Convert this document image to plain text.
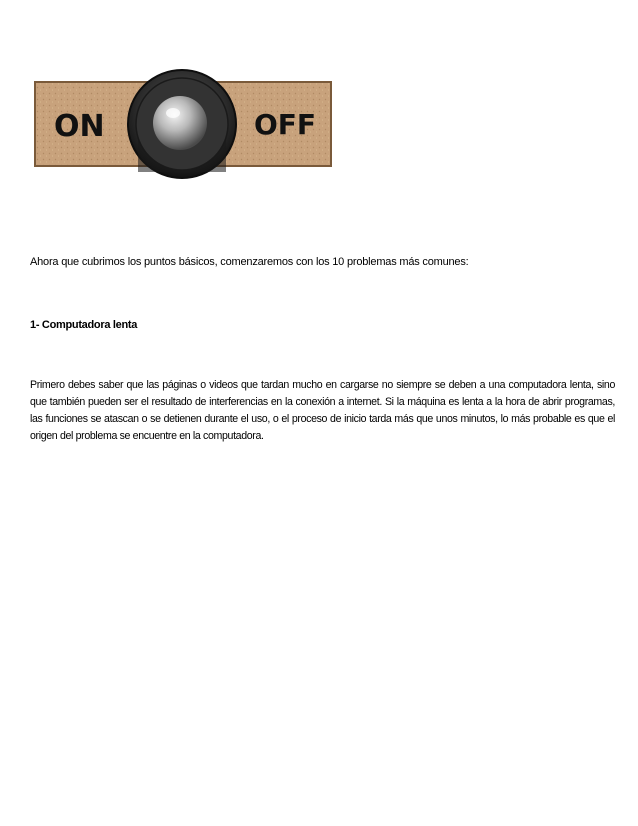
ON	OFF
Ahora que cubrimos los puntos básicos, comenzaremos con los 10 problemas más comunes:
1- Computadora lenta
Primero debes saber que las páginas o videos que tardan mucho en cargarse no siempre se deben a una computadora lenta, sino que también pueden ser el resultado de interferencias en la conexión a internet. Si la máquina es lenta a la hora de abrir programas, las funciones se atascan o se detienen durante el uso, o el proceso de inicio tarda más que unos minutos, lo más probable es que el origen del problema se encuentre en la computadora.
